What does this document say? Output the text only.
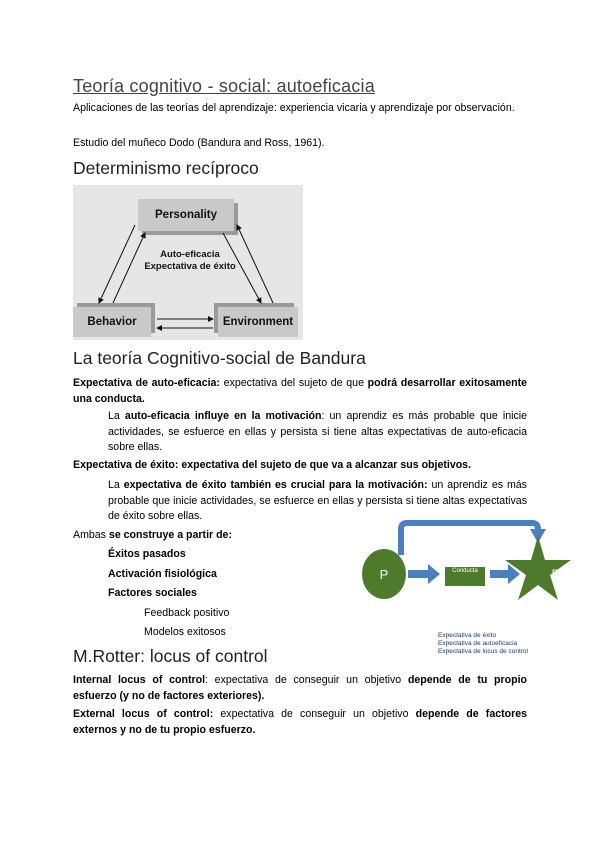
Teoría cognitivo - social: autoeficacia
Aplicaciones de las teorías del aprendizaje: experiencia vicaria y aprendizaje por observación.
Estudio del muñeco Dodo (Bandura and Ross, 1961).
Determinismo recíproco
Personality
Behavior	Environment
Auto-eficacia
Expectativa de éxito
La teoría Cognitivo-social de Bandura
Expectativa de auto-eficacia: expectativa del sujeto de que podrá desarrollar exitosamente una conducta.
La auto-eficacia influye en la motivación: un aprendiz es más probable que inicie actividades, se esfuerce en ellas y persista si tiene altas expectativas de auto-eficacia sobre ellas.
Expectativa de éxito: expectativa del sujeto de que va a alcanzar sus objetivos.
La expectativa de éxito también es crucial para la motivación: un aprendiz es más probable que inicie actividades, se esfuerce en ellas y persista si tiene altas expectativas de éxito sobre ellas.
Ambas se construye a partir de:
Éxitos pasados
Activación fisiológica
Factores sociales
Feedback positivo
Modelos exitosos
P	Conducta	R
Expectativa de éxito
Expectativa de autoeficacia
Expectativa de locus de control
M.Rotter: locus of control
Internal locus of control: expectativa de conseguir un objetivo depende de tu propio esfuerzo (y no de factores exteriores).
External locus of control: expectativa de conseguir un objetivo depende de factores externos y no de tu propio esfuerzo.
